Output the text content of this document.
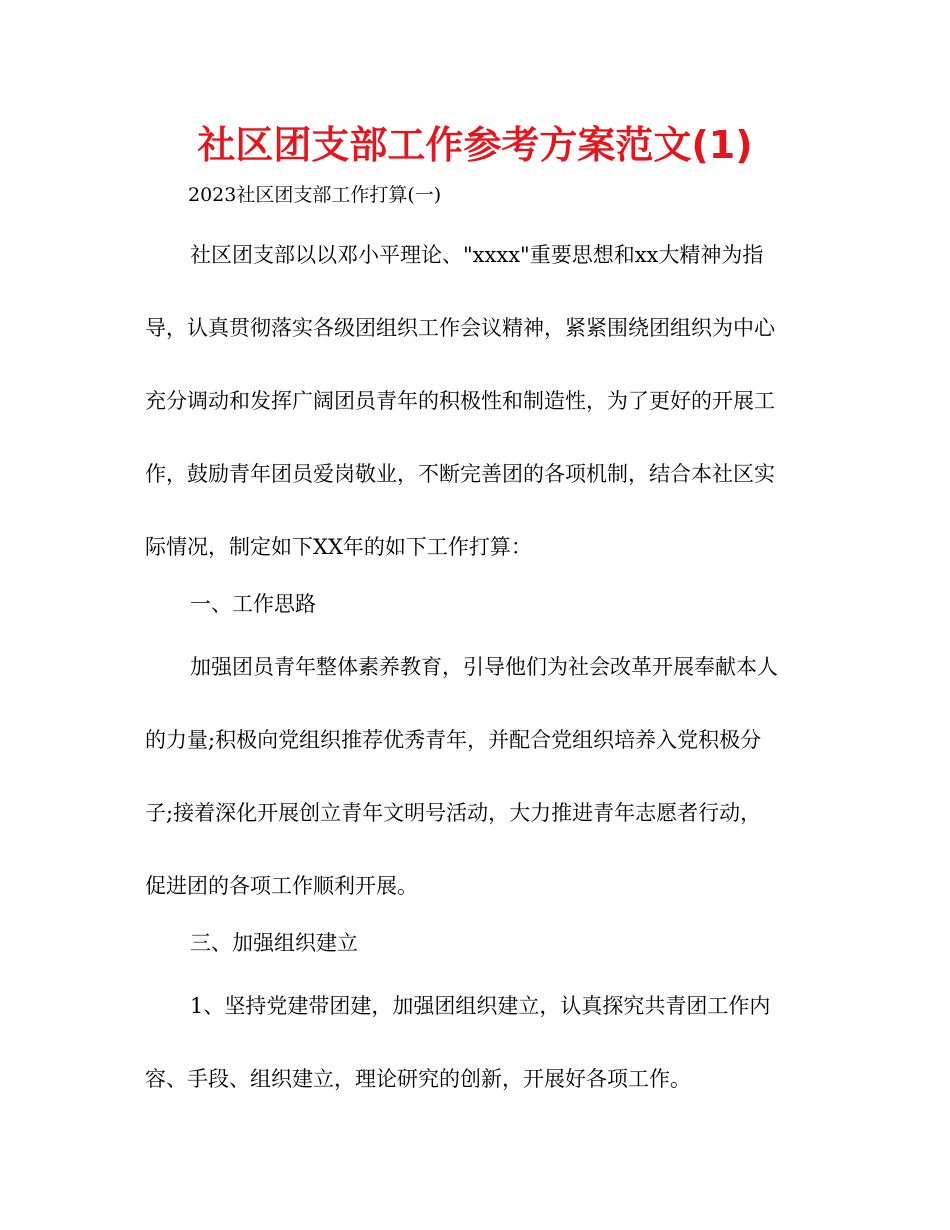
社区团支部工作参考方案范文(1)
2023社区团支部工作打算(一)
社区团支部以以邓小平理论、"xxxx"重要思想和xx大精神为指
导，认真贯彻落实各级团组织工作会议精神，紧紧围绕团组织为中心
充分调动和发挥广阔团员青年的积极性和制造性，为了更好的开展工
作，鼓励青年团员爱岗敬业，不断完善团的各项机制，结合本社区实
际情况，制定如下XX年的如下工作打算：
一、工作思路
加强团员青年整体素养教育，引导他们为社会改革开展奉献本人
的力量;积极向党组织推荐优秀青年，并配合党组织培养入党积极分
子;接着深化开展创立青年文明号活动，大力推进青年志愿者行动，
促进团的各项工作顺利开展。
三、加强组织建立
1、坚持党建带团建，加强团组织建立，认真探究共青团工作内
容、手段、组织建立，理论研究的创新，开展好各项工作。
